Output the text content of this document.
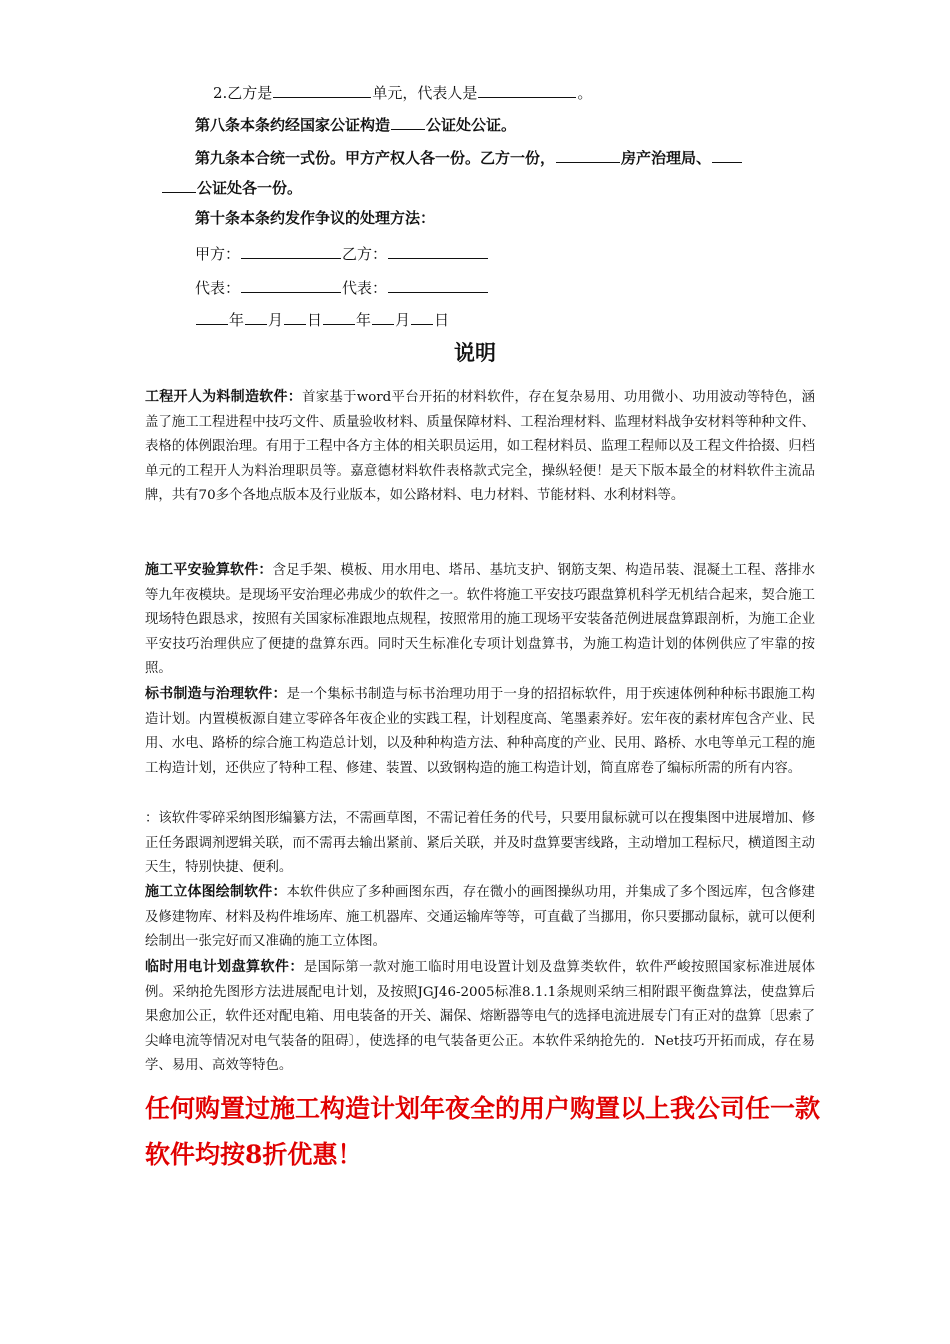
2.乙方是	单元，代表人是	。
第八条本条约经国家公证构造 公证处公证。
第九条本合统一式份。甲方产权人各一份。乙方一份，	房产治理局、
公证处各一份。
第十条本条约发作争议的处理方法：
甲方：	乙方：
代表：	代表：
年 月 日 年 月 日
说明
工程开人为料制造软件：首家基于word平台开拓的材料软件，存在复杂易用、功用微小、功用波动等特色，涵盖了施工工程进程中技巧文件、质量验收材料、质量保障材料、工程治理材料、监理材料战争安材料等种种文件、表格的体例跟治理。有用于工程中各方主体的相关职员运用，如工程材料员、监理工程师以及工程文件拾掇、归档单元的工程开人为料治理职员等。嘉意德材料软件表格款式完全，操纵轻便！是天下版本最全的材料软件主流品牌，共有70多个各地点版本及行业版本，如公路材料、电力材料、节能材料、水利材料等。
施工平安验算软件：含足手架、模板、用水用电、塔吊、基坑支护、钢筋支架、构造吊装、混凝土工程、落排水等九年夜模块。是现场平安治理必弗成少的软件之一。软件将施工平安技巧跟盘算机科学无机结合起来，契合施工现场特色跟恳求，按照有关国家标准跟地点规程，按照常用的施工现场平安装备范例进展盘算跟剖析，为施工企业平安技巧治理供应了便捷的盘算东西。同时天生标准化专项计划盘算书，为施工构造计划的体例供应了牢靠的按照。
标书制造与治理软件：是一个集标书制造与标书治理功用于一身的招招标软件，用于疾速体例种种标书跟施工构造计划。内置模板源自建立零碎各年夜企业的实践工程，计划程度高、笔墨素养好。宏年夜的素材库包含产业、民用、水电、路桥的综合施工构造总计划，以及种种构造方法、种种高度的产业、民用、路桥、水电等单元工程的施工构造计划，还供应了特种工程、修建、装置、以致钢构造的施工构造计划，简直席卷了编标所需的所有内容。
：该软件零碎采纳图形编纂方法，不需画草图，不需记着任务的代号，只要用鼠标就可以在搜集图中进展增加、修正任务跟调剂逻辑关联，而不需再去输出紧前、紧后关联，并及时盘算要害线路，主动增加工程标尺，横道图主动天生，特别快捷、便利。
施工立体图绘制软件：本软件供应了多种画图东西，存在微小的画图操纵功用，并集成了多个图远库，包含修建及修建物库、材料及构件堆场库、施工机器库、交通运输库等等，可直截了当挪用，你只要挪动鼠标，就可以便利绘制出一张完好而又准确的施工立体图。
临时用电计划盘算软件：是国际第一款对施工临时用电设置计划及盘算类软件，软件严峻按照国家标准进展体例。采纳抢先图形方法进展配电计划，及按照JGJ46-2005标准8.1.1条规则采纳三相附跟平衡盘算法，使盘算后果愈加公正，软件还对配电箱、用电装备的开关、漏保、熔断器等电气的选择电流进展专门有正对的盘算〔思索了尖峰电流等情况对电气装备的阻碍〕，使选择的电气装备更公正。本软件采纳抢先的．Net技巧开拓而成，存在易学、易用、高效等特色。
任何购置过施工构造计划年夜全的用户购置以上我公司任一款软件均按8折优惠！
